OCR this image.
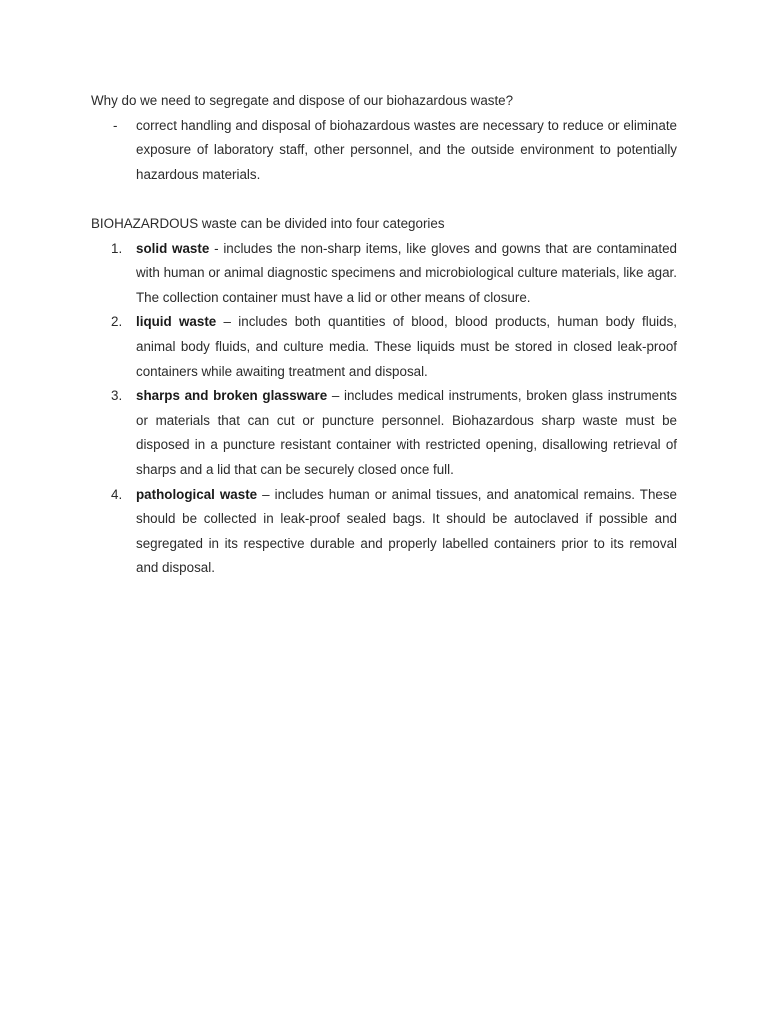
Why do we need to segregate and dispose of our biohazardous waste?

- correct handling and disposal of biohazardous wastes are necessary to reduce or eliminate exposure of laboratory staff, other personnel, and the outside environment to potentially hazardous materials.

BIOHAZARDOUS waste can be divided into four categories

1. solid waste - includes the non-sharp items, like gloves and gowns that are contaminated with human or animal diagnostic specimens and microbiological culture materials, like agar. The collection container must have a lid or other means of closure.
2. liquid waste – includes both quantities of blood, blood products, human body fluids, animal body fluids, and culture media. These liquids must be stored in closed leak-proof containers while awaiting treatment and disposal.
3. sharps and broken glassware – includes medical instruments, broken glass instruments or materials that can cut or puncture personnel. Biohazardous sharp waste must be disposed in a puncture resistant container with restricted opening, disallowing retrieval of sharps and a lid that can be securely closed once full.
4. pathological waste – includes human or animal tissues, and anatomical remains. These should be collected in leak-proof sealed bags. It should be autoclaved if possible and segregated in its respective durable and properly labelled containers prior to its removal and disposal.
